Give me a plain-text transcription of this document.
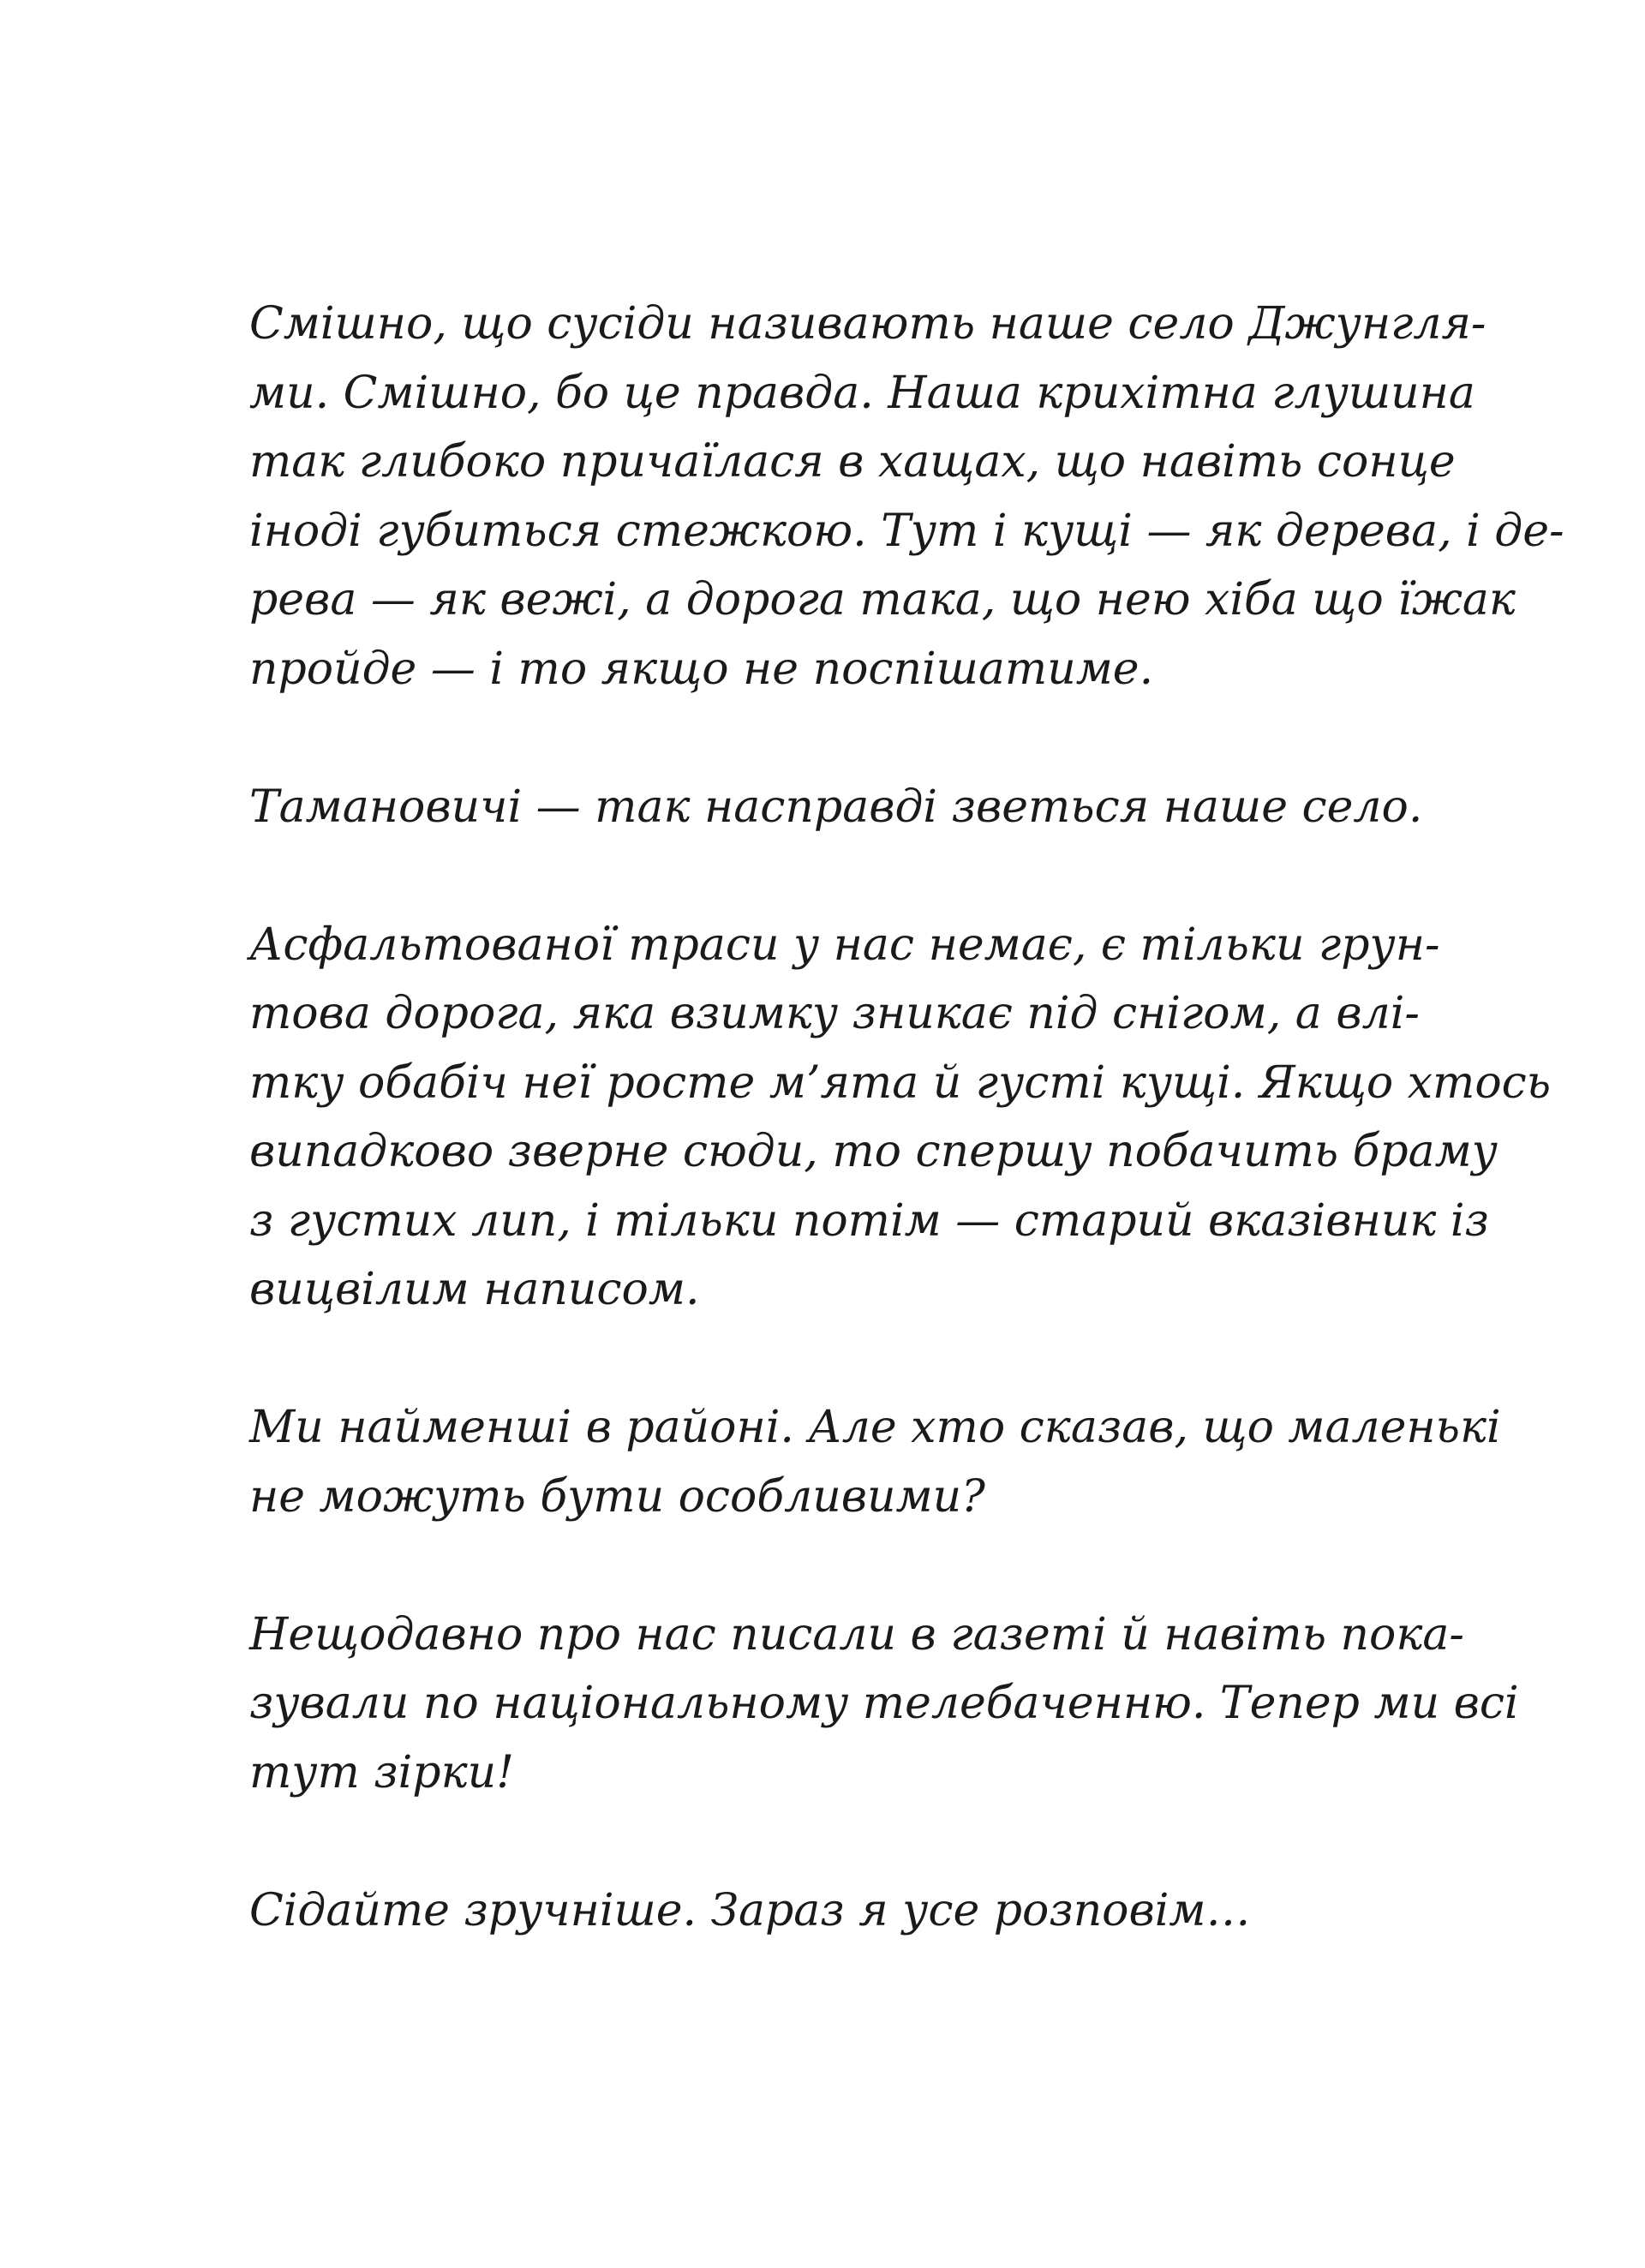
Смішно, що сусіди називають наше село Джунгля-
ми. Смішно, бо це правда. Наша крихітна глушина
так глибоко причаїлася в хащах, що навіть сонце
іноді губиться стежкою. Тут і кущі — як дерева, і де-
рева — як вежі, а дорога така, що нею хіба що їжак
пройде — і то якщо не поспішатиме.

Тамановичі — так насправді зветься наше село.

Асфальтованої траси у нас немає, є тільки грун-
това дорога, яка взимку зникає під снігом, а влі-
тку обабіч неї росте м’ята й густі кущі. Якщо хтось
випадково зверне сюди, то спершу побачить браму
з густих лип, і тільки потім — старий вказівник із
вицвілим написом.

Ми найменші в районі. Але хто сказав, що маленькі
не можуть бути особливими?

Нещодавно про нас писали в газеті й навіть пока-
зували по національному телебаченню. Тепер ми всі
тут зірки!

Сідайте зручніше. Зараз я усе розповім…
